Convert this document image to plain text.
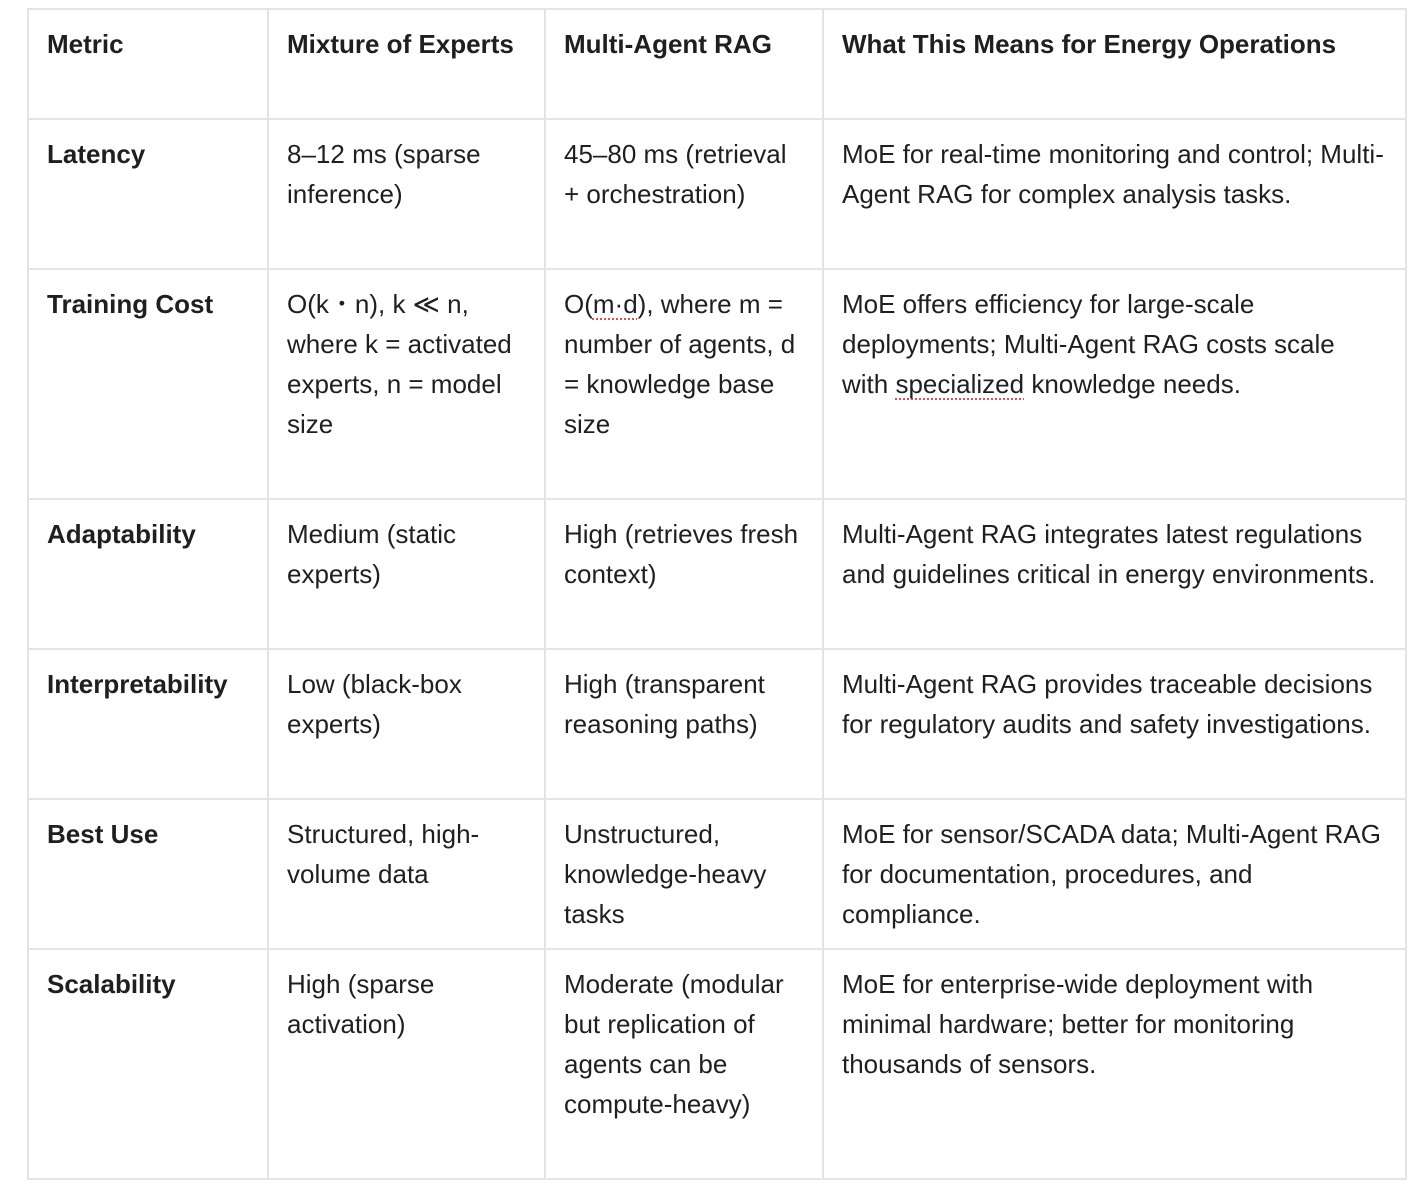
Metric	Mixture of Experts	Multi-Agent RAG	What This Means for Energy Operations
Latency	8–12 ms (sparse inference)	45–80 ms (retrieval + orchestration)	MoE for real-time monitoring and control; Multi-Agent RAG for complex analysis tasks.
Training Cost	O(k・n), k ≪ n, where k = activated experts, n = model size	O(m·d), where m = number of agents, d = knowledge base size	MoE offers efficiency for large-scale deployments; Multi-Agent RAG costs scale with specialized knowledge needs.
Adaptability	Medium (static experts)	High (retrieves fresh context)	Multi-Agent RAG integrates latest regulations and guidelines critical in energy environments.
Interpretability	Low (black-box experts)	High (transparent reasoning paths)	Multi-Agent RAG provides traceable decisions for regulatory audits and safety investigations.
Best Use	Structured, high-volume data	Unstructured, knowledge-heavy tasks	MoE for sensor/SCADA data; Multi-Agent RAG for documentation, procedures, and compliance.
Scalability	High (sparse activation)	Moderate (modular but replication of agents can be compute-heavy)	MoE for enterprise-wide deployment with minimal hardware; better for monitoring thousands of sensors.
